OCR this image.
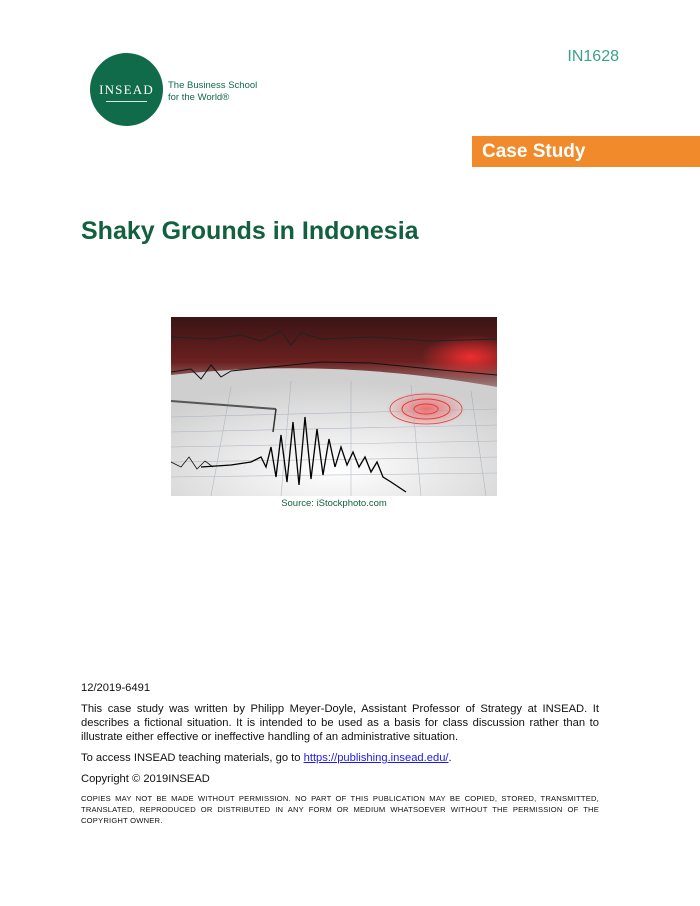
IN1628
INSEAD The Business School
for the World®
Case Study
Shaky Grounds in Indonesia
Source: iStockphoto.com

12/2019-6491

This case study was written by Philipp Meyer-Doyle, Assistant Professor of Strategy at INSEAD. It describes a fictional situation. It is intended to be used as a basis for class discussion rather than to illustrate either effective or ineffective handling of an administrative situation.

To access INSEAD teaching materials, go to https://publishing.insead.edu/.

Copyright © 2019INSEAD

COPIES MAY NOT BE MADE WITHOUT PERMISSION. NO PART OF THIS PUBLICATION MAY BE COPIED, STORED, TRANSMITTED, TRANSLATED, REPRODUCED OR DISTRIBUTED IN ANY FORM OR MEDIUM WHATSOEVER WITHOUT THE PERMISSION OF THE COPYRIGHT OWNER.
